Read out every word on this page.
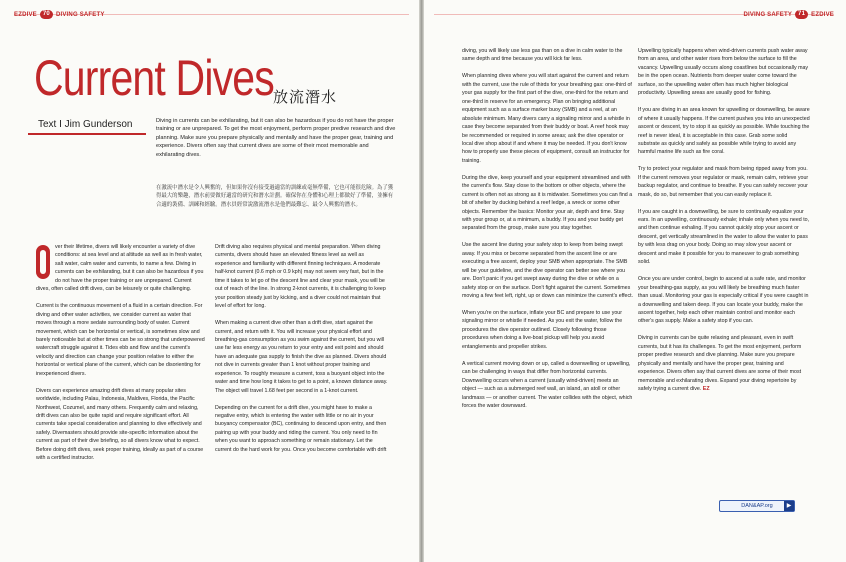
EZDIVE	70	DIVING SAFETY
Current Dives 放流潛水
Text I Jim Gunderson	Diving in currents can be exhilarating, but it can also be hazardous if you do not have the proper training or are unprepared. To get the most enjoyment, perform proper predive research and dive planning. Make sure you prepare physically and mentally and have the proper gear, training and experience. Divers often say that current dives are some of their most memorable and exhilarating dives.
在激流中潛水是令人興奮的，但如果你沒有接受過適當的訓練或毫無準備，它也可能很危險。為了獲得最大的樂趣，潛水前要做好適當的研究和潛水計劃。確保你在身體和心理上都做好了準備，並擁有合適的裝備、訓練和經驗。潛水員經常說激流潛水是他們最難忘、最令人興奮的潛水。

ver their lifetime, divers will likely encounter a variety of dive conditions: at sea level and at altitude as well as in fresh water, salt water, calm water and currents, to name a few. Diving in currents can be exhilarating, but it can also be hazardous if you do not have the proper training or are unprepared. Current dives, often called drift dives, can be leisurely or quite challenging.

Current is the continuous movement of a fluid in a certain direction. For diving and other water activities, we consider current as water that moves through a more sedate surrounding body of water. Current movement, which can be horizontal or vertical, is sometimes slow and barely noticeable but at other times can be so strong that underpowered watercraft struggle against it. Tides ebb and flow and the current's velocity and direction can change your position relative to either the horizontal or vertical plane of the current, which can be disorienting for inexperienced divers.

Divers can experience amazing drift dives at many popular sites worldwide, including Palau, Indonesia, Maldives, Florida, the Pacific Northwest, Cozumel, and many others. Frequently calm and relaxing, drift dives can also be quite rapid and require significant effort. All currents take special consideration and planning to dive effectively and safely. Divemasters should provide site-specific information about the current as part of their dive briefing, so all divers know what to expect. Before doing drift dives, seek proper training, ideally as part of a course with a certified instructor.

Drift diving also requires physical and mental preparation. When diving currents, divers should have an elevated fitness level as well as experience and familiarity with different finning techniques. A moderate half-knot current (0.6 mph or 0.9 kph) may not seem very fast, but in the time it takes to let go of the descent line and clear your mask, you will be out of reach of the line. In strong 2-knot currents, it is challenging to keep your position steady just by kicking, and a diver could not maintain that level of effort for long.

When making a current dive other than a drift dive, start against the current, and return with it. You will increase your physical effort and breathing-gas consumption as you swim against the current, but you will use far less energy as you return to your entry and exit point and should have an adequate gas supply to finish the dive as planned. Divers should not dive in currents greater than 1 knot without proper training and experience. To roughly measure a current, toss a buoyant object into the water and time how long it takes to get to a point, a known distance away. The object will travel 1.68 feet per second in a 1-knot current.

Depending on the current for a drift dive, you might have to make a negative entry, which is entering the water with little or no air in your buoyancy compensator (BC), continuing to descend upon entry, and then pairing up with your buddy and riding the current. You only need to fin when you want to approach something or remain stationary. Let the current do the hard work for you. Once you become comfortable with drift

DIVING SAFETY	71	EZDIVE

diving, you will likely use less gas than on a dive in calm water to the same depth and time because you will kick far less.

When planning dives where you will start against the current and return with the current, use the rule of thirds for your breathing gas: one-third of your gas supply for the first part of the dive, one-third for the return and one-third in reserve for an emergency. Plan on bringing additional equipment such as a surface marker buoy (SMB) and a reel, at an absolute minimum. Many divers carry a signaling mirror and a whistle in case they become separated from their buddy or boat. A reef hook may be recommended or required in some areas; ask the dive operator or local dive shop about if and where it may be needed. If you don't know how to properly use these pieces of equipment, consult an instructor for training.

During the dive, keep yourself and your equipment streamlined and with the current's flow. Stay close to the bottom or other objects, where the current is often not as strong as it is midwater. Sometimes you can find a bit of shelter by ducking behind a reef ledge, a wreck or some other objects. Remember the basics: Monitor your air, depth and time. Stay with your group or, at a minimum, a buddy. If you and your buddy get separated from the group, make sure you stay together.

Use the ascent line during your safety stop to keep from being swept away. If you miss or become separated from the ascent line or are executing a free ascent, deploy your SMB when appropriate. The SMB will be your guideline, and the dive operator can better see where you are. Don't panic if you get swept away during the dive or while on a safety stop or on the surface. Don't fight against the current. Sometimes moving a few feet left, right, up or down can minimize the current's effect.

When you're on the surface, inflate your BC and prepare to use your signaling mirror or whistle if needed. As you exit the water, follow the procedures the dive operator outlined. Closely following those procedures when doing a live-boat pickup will help you avoid entanglements and propeller strikes.

A vertical current moving down or up, called a downwelling or upwelling, can be challenging in ways that differ from horizontal currents. Downwelling occurs when a current (usually wind-driven) meets an object — such as a submerged reef wall, an island, an atoll or other landmass — or another current. The water collides with the object, which forces the water downward.

Upwelling typically happens when wind-driven currents push water away from an area, and other water rises from below the surface to fill the vacancy. Upwelling usually occurs along coastlines but occasionally may be in the open ocean. Nutrients from deeper water come toward the surface, so the upwelling water often has much higher biological productivity. Upwelling areas are usually good for fishing.

If you are diving in an area known for upwelling or downwelling, be aware of where it usually happens. If the current pushes you into an unexpected ascent or descent, try to stop it as quickly as possible. While touching the reef is never ideal, it is acceptable in this case. Grab some solid substrate as quickly and safely as possible while trying to avoid any harmful marine life such as fire coral.

Try to protect your regulator and mask from being ripped away from you. If the current removes your regulator or mask, remain calm, retrieve your backup regulator, and continue to breathe. If you can safely recover your mask, do so, but remember that you can easily replace it.

If you are caught in a downwelling, be sure to continually equalize your ears. In an upwelling, continuously exhale; inhale only when you need to, and then continue exhaling. If you cannot quickly stop your ascent or descent, get vertically streamlined in the water to allow the water to pass by with less drag on your body. Doing so may slow your ascent or descent and make it possible for you to maneuver to grab something solid.

Once you are under control, begin to ascend at a safe rate, and monitor your breathing-gas supply, as you will likely be breathing much faster than usual. Monitoring your gas is especially critical if you were caught in a downwelling and taken deep. If you can locate your buddy, make the ascent together, help each other maintain control and monitor each other's gas supply. Make a safety stop if you can.

Diving in currents can be quite relaxing and pleasant, even in swift currents, but it has its challenges. To get the most enjoyment, perform proper predive research and dive planning. Make sure you prepare physically and mentally and have the proper gear, training and experience. Divers often say that current dives are some of their most memorable and exhilarating dives. Expand your diving repertoire by safely trying a current dive. EZ

DAN&AP.org	▶
